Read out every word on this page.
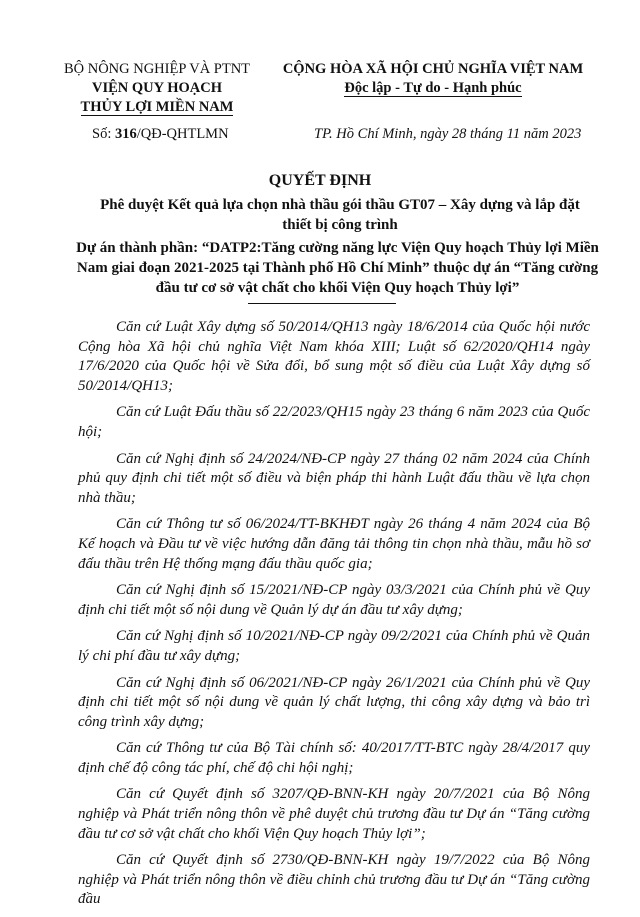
BỘ NÔNG NGHIỆP VÀ PTNT
VIỆN QUY HOẠCH
THỦY LỢI MIỀN NAM
CỘNG HÒA XÃ HỘI CHỦ NGHĨA VIỆT NAM
Độc lập - Tự do - Hạnh phúc
Số: 316/QĐ-QHTLMN	TP. Hồ Chí Minh, ngày 28 tháng 11 năm 2023
QUYẾT ĐỊNH
Phê duyệt Kết quả lựa chọn nhà thầu gói thầu GT07 – Xây dựng và lắp đặt thiết bị công trình
Dự án thành phần: “DATP2:Tăng cường năng lực Viện Quy hoạch Thủy lợi Miền Nam giai đoạn 2021-2025 tại Thành phố Hồ Chí Minh” thuộc dự án “Tăng cường đầu tư cơ sở vật chất cho khối Viện Quy hoạch Thủy lợi”

Căn cứ Luật Xây dựng số 50/2014/QH13 ngày 18/6/2014 của Quốc hội nước Cộng hòa Xã hội chủ nghĩa Việt Nam khóa XIII; Luật số 62/2020/QH14 ngày 17/6/2020 của Quốc hội về Sửa đổi, bổ sung một số điều của Luật Xây dựng số 50/2014/QH13;

Căn cứ Luật Đấu thầu số 22/2023/QH15 ngày 23 tháng 6 năm 2023 của Quốc hội;

Căn cứ Nghị định số 24/2024/NĐ-CP ngày 27 tháng 02 năm 2024 của Chính phủ quy định chi tiết một số điều và biện pháp thi hành Luật đấu thầu về lựa chọn nhà thầu;

Căn cứ Thông tư số 06/2024/TT-BKHĐT ngày 26 tháng 4 năm 2024 của Bộ Kế hoạch và Đầu tư về việc hướng dẫn đăng tải thông tin chọn nhà thầu, mẫu hồ sơ đấu thầu trên Hệ thống mạng đấu thầu quốc gia;

Căn cứ Nghị định số 15/2021/NĐ-CP ngày 03/3/2021 của Chính phủ về Quy định chi tiết một số nội dung về Quản lý dự án đầu tư xây dựng;

Căn cứ Nghị định số 10/2021/NĐ-CP ngày 09/2/2021 của Chính phủ về Quản lý chi phí đầu tư xây dựng;

Căn cứ Nghị định số 06/2021/NĐ-CP ngày 26/1/2021 của Chính phủ về Quy định chi tiết một số nội dung về quản lý chất lượng, thi công xây dựng và bảo trì công trình xây dựng;

Căn cứ Thông tư của Bộ Tài chính số: 40/2017/TT-BTC ngày 28/4/2017 quy định chế độ công tác phí, chế độ chi hội nghị;

Căn cứ Quyết định số 3207/QĐ-BNN-KH ngày 20/7/2021 của Bộ Nông nghiệp và Phát triển nông thôn về phê duyệt chủ trương đầu tư Dự án “Tăng cường đầu tư cơ sở vật chất cho khối Viện Quy hoạch Thủy lợi”;

Căn cứ Quyết định số 2730/QĐ-BNN-KH ngày 19/7/2022 của Bộ Nông nghiệp và Phát triển nông thôn về điều chỉnh chủ trương đầu tư Dự án “Tăng cường đầu
